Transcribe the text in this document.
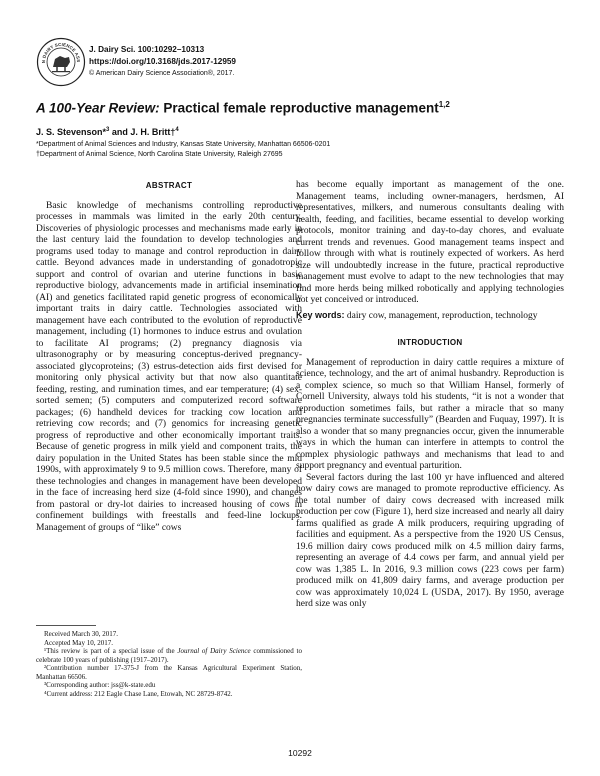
N DAIRY SCIENCE ASS
J. Dairy Sci. 100:10292–10313
https://doi.org/10.3168/jds.2017-12959
© American Dairy Science Association®, 2017.
A 100-Year Review: Practical female reproductive management$^{1,2}$
J. S. Stevenson*$^3$ and J. H. Britt†$^4$
*Department of Animal Sciences and Industry, Kansas State University, Manhattan 66506-0201
†Department of Animal Science, North Carolina State University, Raleigh 27695
ABSTRACT

Basic knowledge of mechanisms controlling reproductive processes in mammals was limited in the early 20th century. Discoveries of physiologic processes and mechanisms made early in the last century laid the foundation to develop technologies and programs used today to manage and control reproduction in dairy cattle. Beyond advances made in understanding of gonadotropic support and control of ovarian and uterine functions in basic reproductive biology, advancements made in artificial insemination (AI) and genetics facilitated rapid genetic progress of economically important traits in dairy cattle. Technologies associated with management have each contributed to the evolution of reproductive management, including (1) hormones to induce estrus and ovulation to facilitate AI programs; (2) pregnancy diagnosis via ultrasonography or by measuring conceptus-derived pregnancy-associated glycoproteins; (3) estrus-detection aids first devised for monitoring only physical activity but that now also quantitate feeding, resting, and rumination times, and ear temperature; (4) sex-sorted semen; (5) computers and computerized record software packages; (6) handheld devices for tracking cow location and retrieving cow records; and (7) genomics for increasing genetic progress of reproductive and other economically important traits. Because of genetic progress in milk yield and component traits, the dairy population in the United States has been stable since the mid 1990s, with approximately 9 to 9.5 million cows. Therefore, many of these technologies and changes in management have been developed in the face of increasing herd size (4-fold since 1990), and changes from pastoral or dry-lot dairies to increased housing of cows in confinement buildings with freestalls and feed-line lockups. Management of groups of “like” cows

has become equally important as management of the one. Management teams, including owner-managers, herdsmen, AI representatives, milkers, and numerous consultants dealing with health, feeding, and facilities, became essential to develop working protocols, monitor training and day-to-day chores, and evaluate current trends and revenues. Good management teams inspect and follow through with what is routinely expected of workers. As herd size will undoubtedly increase in the future, practical reproductive management must evolve to adapt to the new technologies that may find more herds being milked robotically and applying technologies not yet conceived or introduced.

Key words: dairy cow, management, reproduction, technology

INTRODUCTION

Management of reproduction in dairy cattle requires a mixture of science, technology, and the art of animal husbandry. Reproduction is a complex science, so much so that William Hansel, formerly of Cornell University, always told his students, “it is not a wonder that reproduction sometimes fails, but rather a miracle that so many pregnancies terminate successfully” (Bearden and Fuquay, 1997). It is also a wonder that so many pregnancies occur, given the innumerable ways in which the human can interfere in attempts to control the complex physiologic pathways and mechanisms that lead to and support pregnancy and eventual parturition.

Several factors during the last 100 yr have influenced and altered how dairy cows are managed to promote reproductive efficiency. As the total number of dairy cows decreased with increased milk production per cow (Figure 1), herd size increased and nearly all dairy farms qualified as grade A milk producers, requiring upgrading of facilities and equipment. As a perspective from the 1920 US Census, 19.6 million dairy cows produced milk on 4.5 million dairy farms, representing an average of 4.4 cows per farm, and annual yield per cow was 1,385 L. In 2016, 9.3 million cows (223 cows per farm) produced milk on 41,809 dairy farms, and average production per cow was approximately 10,024 L (USDA, 2017). By 1950, average herd size was only

Received March 30, 2017.

Accepted May 10, 2017.

¹This review is part of a special issue of the Journal of Dairy Science commissioned to celebrate 100 years of publishing (1917–2017).

²Contribution number 17-375-J from the Kansas Agricultural Experiment Station, Manhattan 66506.

³Corresponding author: jss@k-state.edu

⁴Current address: 212 Eagle Chase Lane, Etowah, NC 28729-8742.

10292
